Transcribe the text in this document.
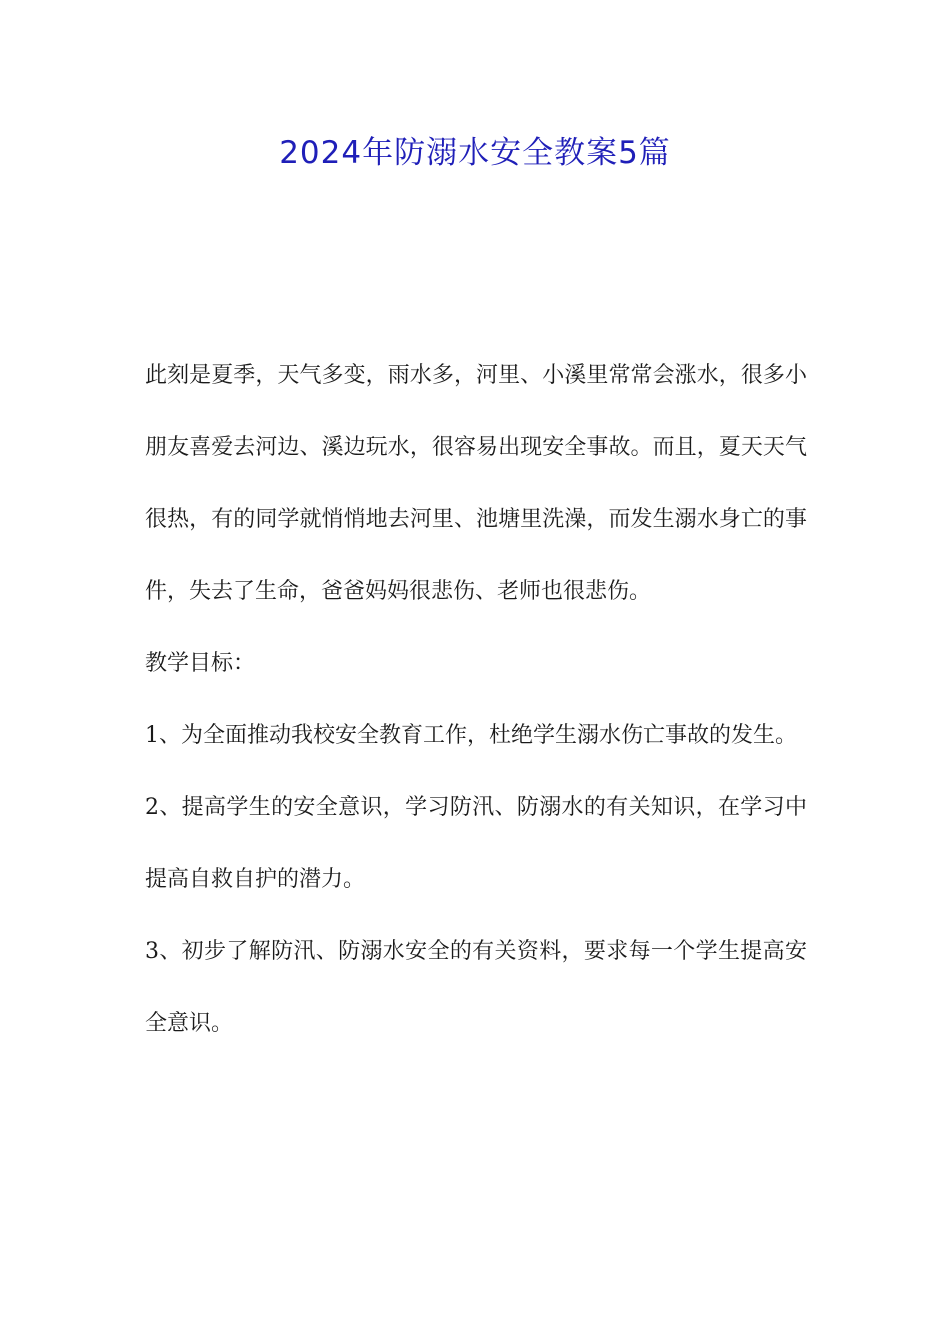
2024年防溺水安全教案5篇

此刻是夏季，天气多变，雨水多，河里、小溪里常常会涨水，很多小朋友喜爱去河边、溪边玩水，很容易出现安全事故。而且，夏天天气很热，有的同学就悄悄地去河里、池塘里洗澡，而发生溺水身亡的事件，失去了生命，爸爸妈妈很悲伤、老师也很悲伤。

教学目标：

1、为全面推动我校安全教育工作，杜绝学生溺水伤亡事故的发生。

2、提高学生的安全意识，学习防汛、防溺水的有关知识，在学习中提高自救自护的潜力。

3、初步了解防汛、防溺水安全的有关资料，要求每一个学生提高安全意识。
